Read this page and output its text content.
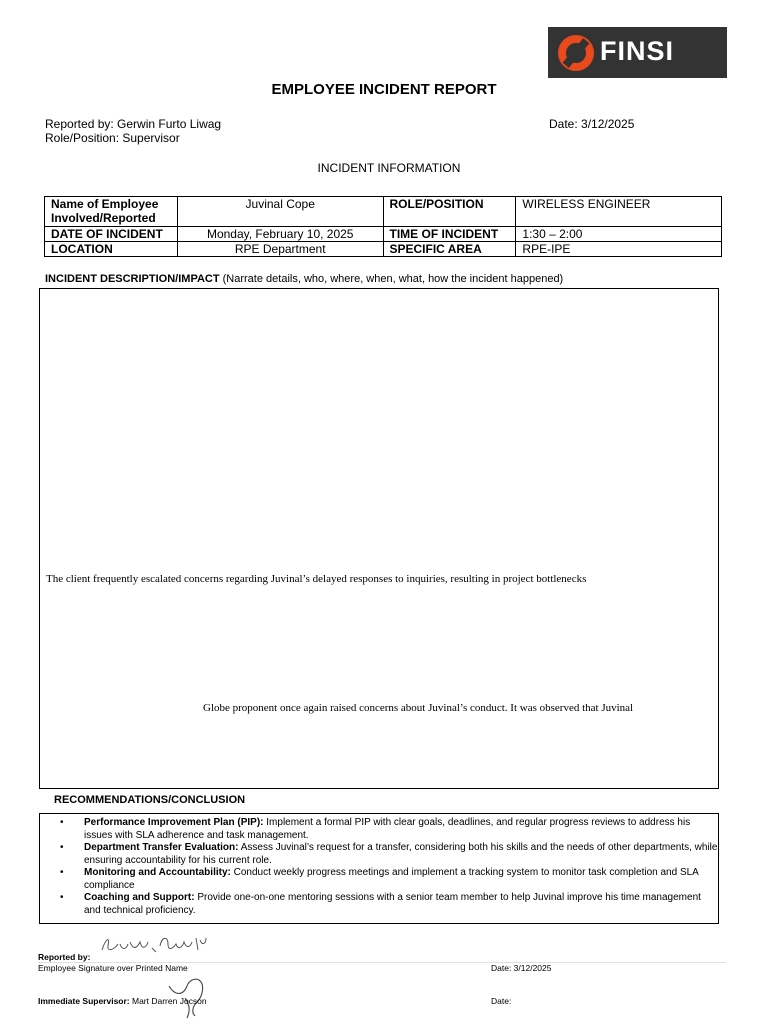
FINSI
EMPLOYEE INCIDENT REPORT
Reported by: Gerwin Furto Liwag
Role/Position: Supervisor
Date: 3/12/2025
INCIDENT INFORMATION
Name of Employee Involved/Reported	Juvinal Cope	ROLE/POSITION	WIRELESS ENGINEER
DATE OF INCIDENT	Monday, February 10, 2025	TIME OF INCIDENT	1:30 – 2:00
LOCATION	RPE Department	SPECIFIC AREA	RPE-IPE
INCIDENT DESCRIPTION/IMPACT (Narrate details, who, where, when, what, how the incident happened)
The client frequently escalated concerns regarding Juvinal’s delayed responses to inquiries, resulting in project bottlenecks
Globe proponent once again raised concerns about Juvinal’s conduct. It was observed that Juvinal
RECOMMENDATIONS/CONCLUSION
• Performance Improvement Plan (PIP): Implement a formal PIP with clear goals, deadlines, and regular progress reviews to address his issues with SLA adherence and task management.
• Department Transfer Evaluation: Assess Juvinal’s request for a transfer, considering both his skills and the needs of other departments, while ensuring accountability for his current role.
• Monitoring and Accountability: Conduct weekly progress meetings and implement a tracking system to monitor task completion and SLA compliance
• Coaching and Support: Provide one-on-one mentoring sessions with a senior team member to help Juvinal improve his time management and technical proficiency.
Reported by:
Employee Signature over Printed Name	Date: 3/12/2025
Immediate Supervisor: Mart Darren Jocson	Date:
